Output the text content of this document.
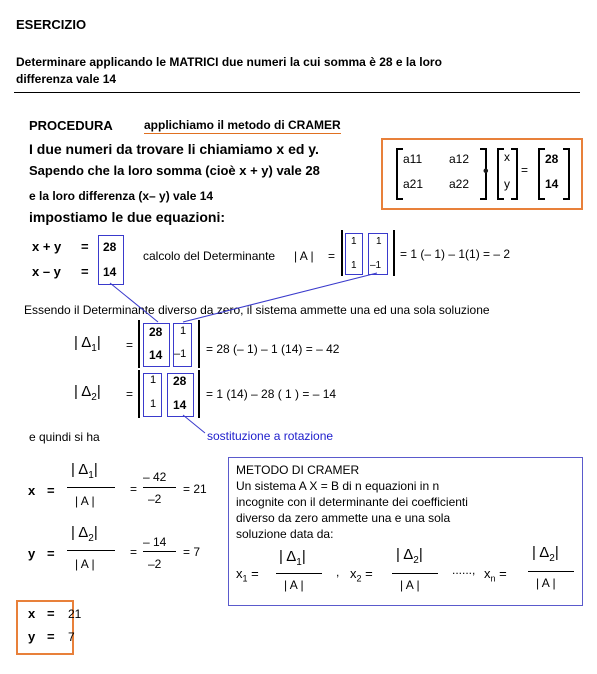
ESERCIZIO
Determinare applicando le MATRICI due numeri la cui somma è 28 e la loro
differenza vale 14
PROCEDURA	applichiamo il metodo di CRAMER
I due numeri da trovare li chiamiamo x ed y.
Sapendo che la loro somma (cioè x + y) vale 28
e la loro differenza (x– y) vale 14
impostiamo le due equazioni:
a11 a12
a21 a22
•
x
y
=
28
14
x + y =
x – y =
28
14
calcolo del Determinante | A | =
1 1
1 –1
= 1 (– 1) – 1(1) = – 2
Essendo il Determinante diverso da zero, il sistema ammette una ed una sola soluzione
| $\Delta_1|$ =
28 1
14 –1 = 28 (– 1) – 1 (14) = – 42
| $\Delta_2|$ =
1 28
1 14
= 1 (14) – 28 ( 1 ) = – 14
sostituzione a rotazione
e quindi si ha
x =
| $\Delta_1|$
| A |
=
– 42
–2
= 21
y =
| $\Delta_2|$
| A |
=
– 14
–2
= 7
x = 21
y = 7
METODO DI CRAMER
Un sistema A X = B di n equazioni in n
incognite con il determinante dei coefficienti
diverso da zero ammette una e una sola
soluzione data da:
$x_1$ =
| $\Delta_1|$
| A |
, $x_2$ =
| $\Delta_2|$
| A |
......, $x_n$ =
| $\Delta_2|$
| A |
